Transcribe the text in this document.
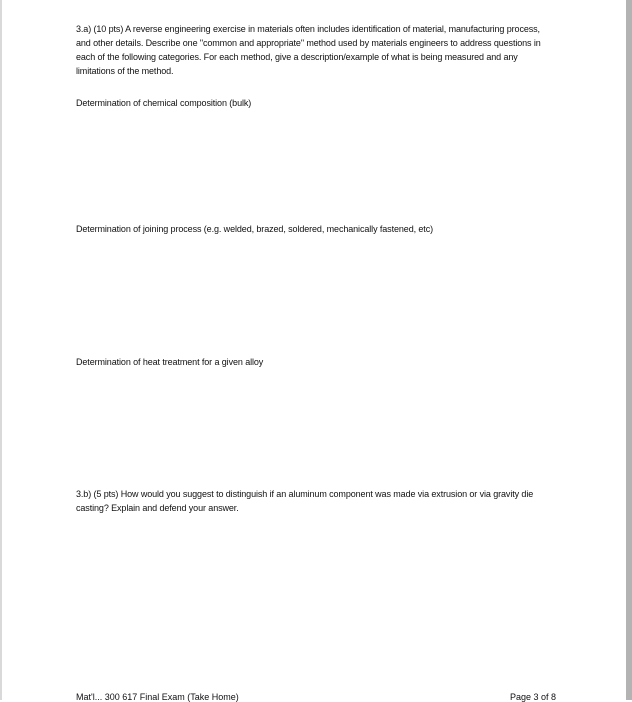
3.a) (10 pts) A reverse engineering exercise in materials often includes identification of material, manufacturing process, and other details. Describe one "common and appropriate" method used by materials engineers to address questions in each of the following categories. For each method, give a description/example of what is being measured and any limitations of the method.

Determination of chemical composition (bulk)

Determination of joining process (e.g. welded, brazed, soldered, mechanically fastened, etc)

Determination of heat treatment for a given alloy

3.b) (5 pts) How would you suggest to distinguish if an aluminum component was made via extrusion or via gravity die casting? Explain and defend your answer.

Mat'l... 300 617 Final Exam (Take Home)	Page 3 of 8
